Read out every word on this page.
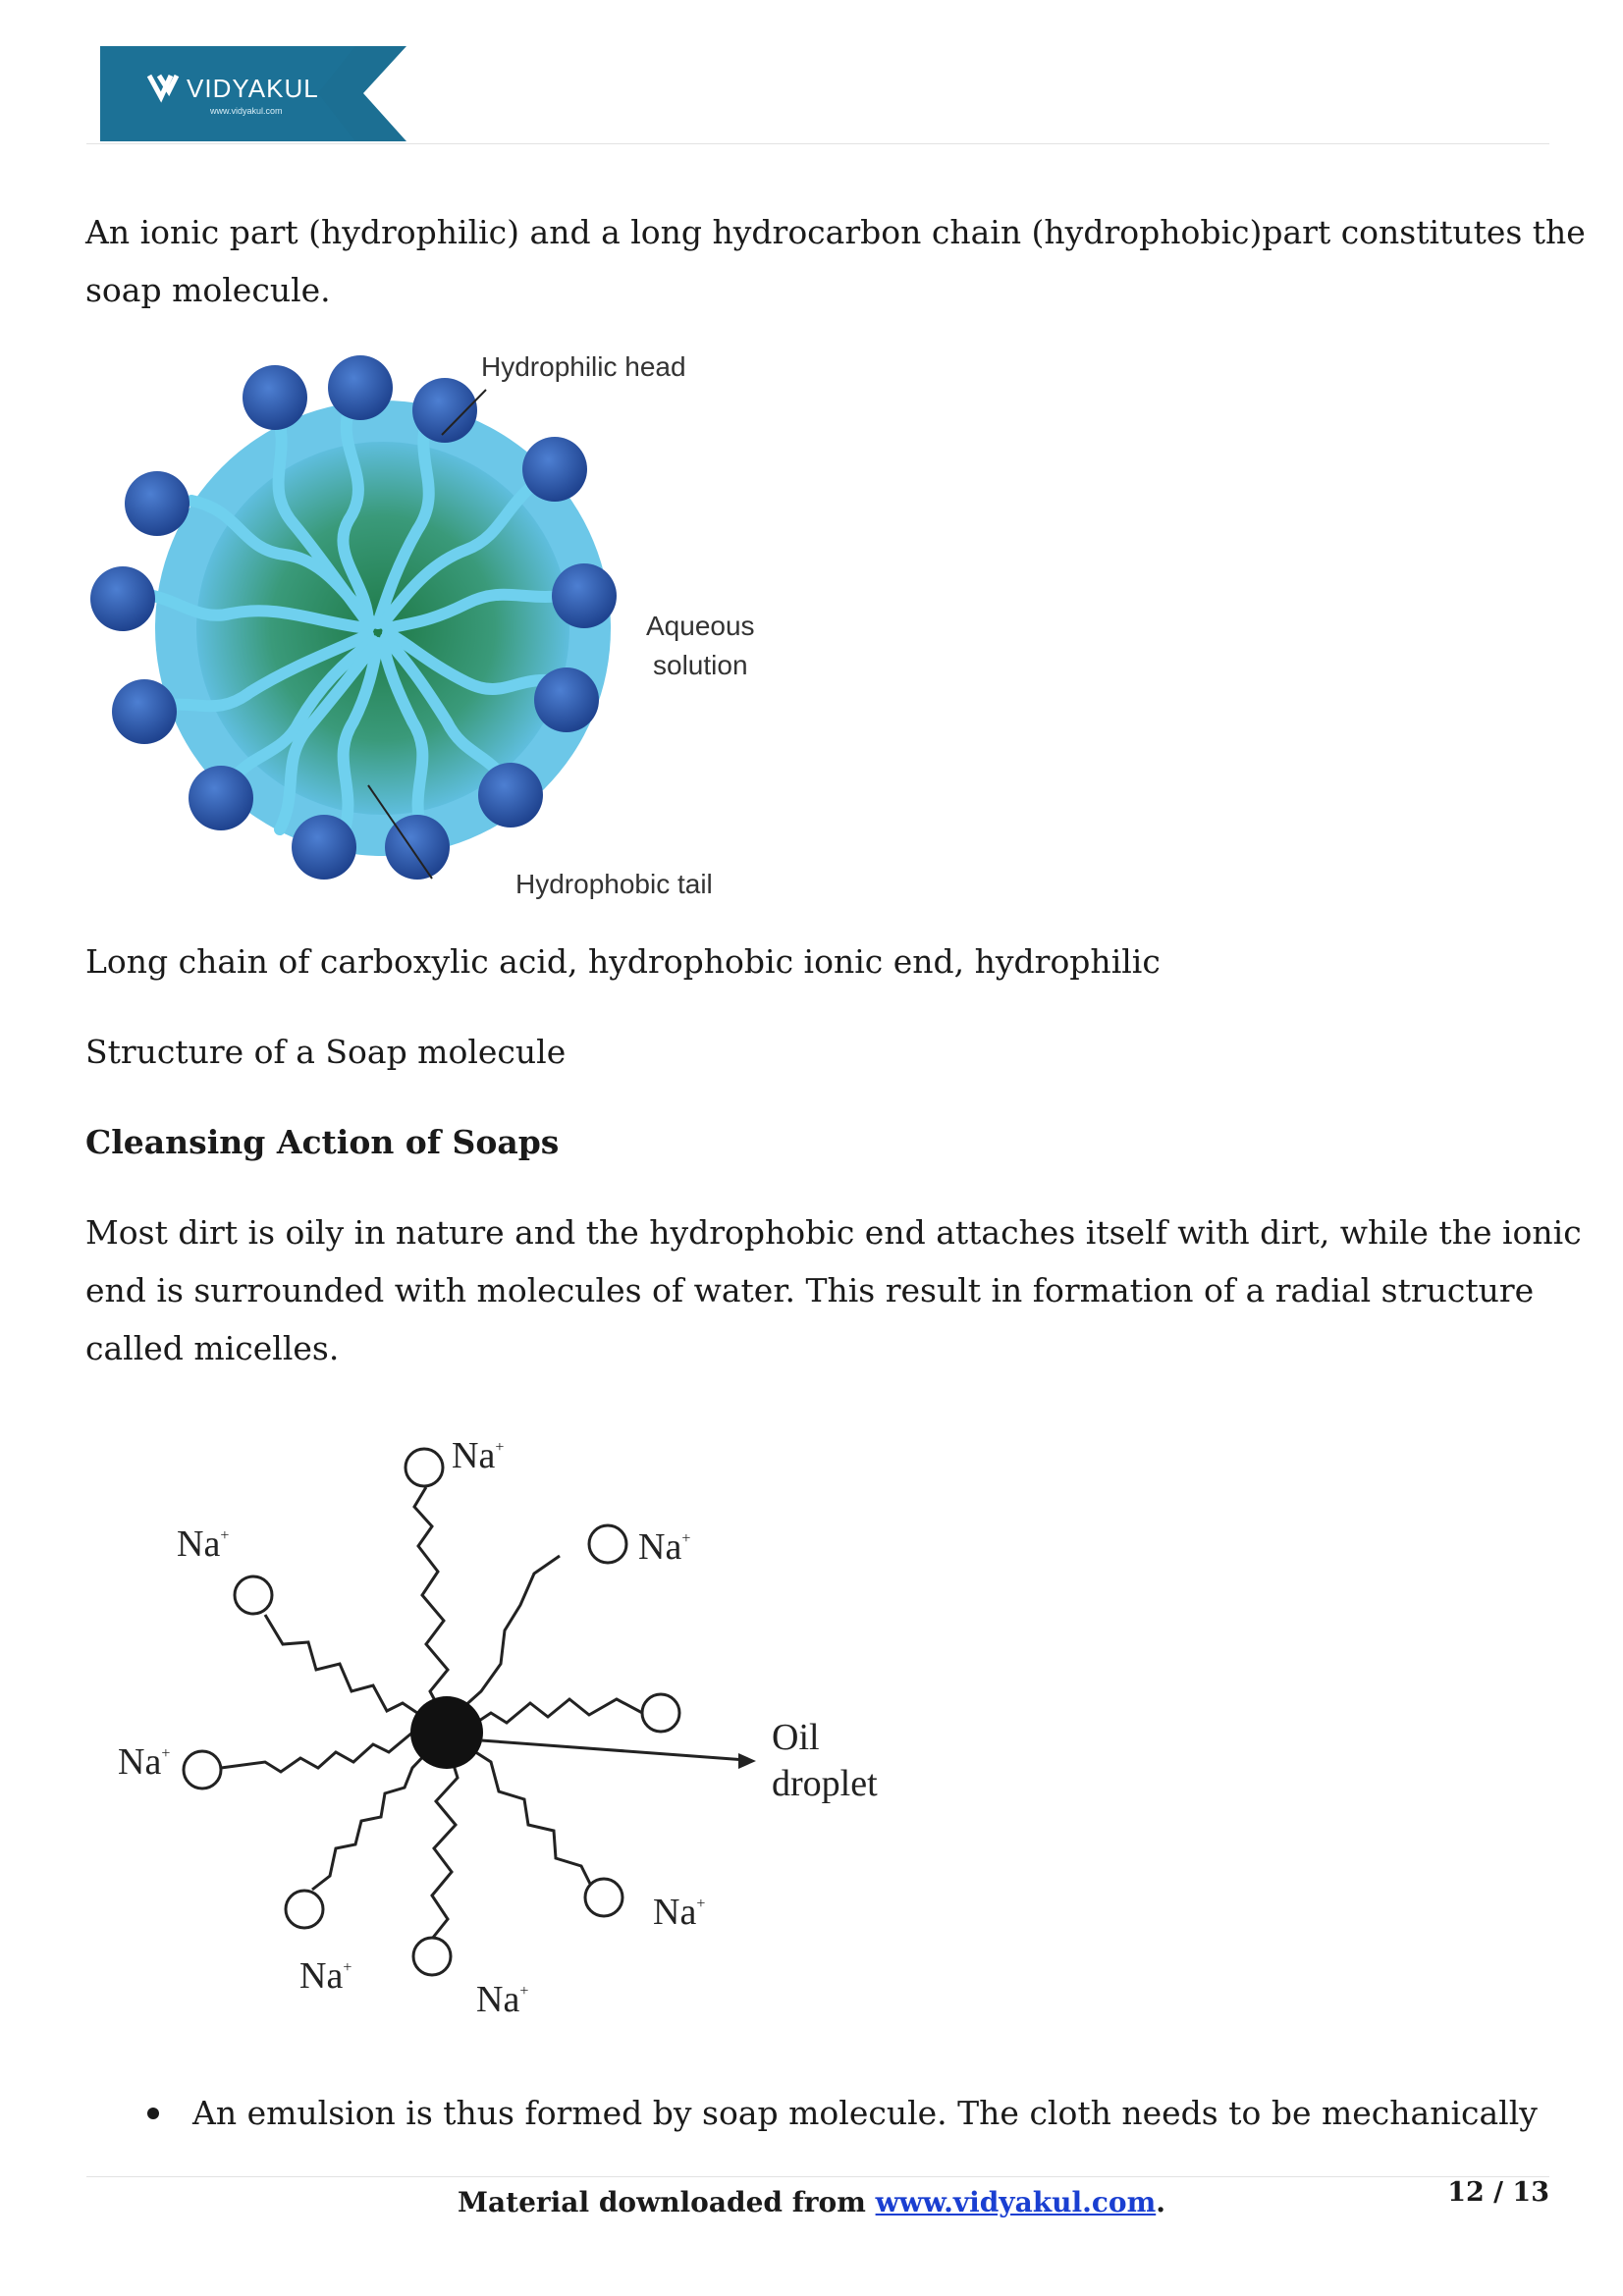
VIDYAKUL
www.vidyakul.com

An ionic part (hydrophilic) and a long hydrocarbon chain (hydrophobic)part constitutes the

soap molecule.

Hydrophilic head
Aqueous
solution
Hydrophobic tail

Long chain of carboxylic acid, hydrophobic ionic end, hydrophilic

Structure of a Soap molecule

Cleansing Action of Soaps

Most dirt is oily in nature and the hydrophobic end attaches itself with dirt, while the ionic

end is surrounded with molecules of water. This result in formation of a radial structure

called micelles.

Na+
Na+	Na+
Na+
Na+
Na+
Na+
Oil
droplet
An emulsion is thus formed by soap molecule. The cloth needs to be mechanically
Material downloaded from www.vidyakul.com.	12 / 13
